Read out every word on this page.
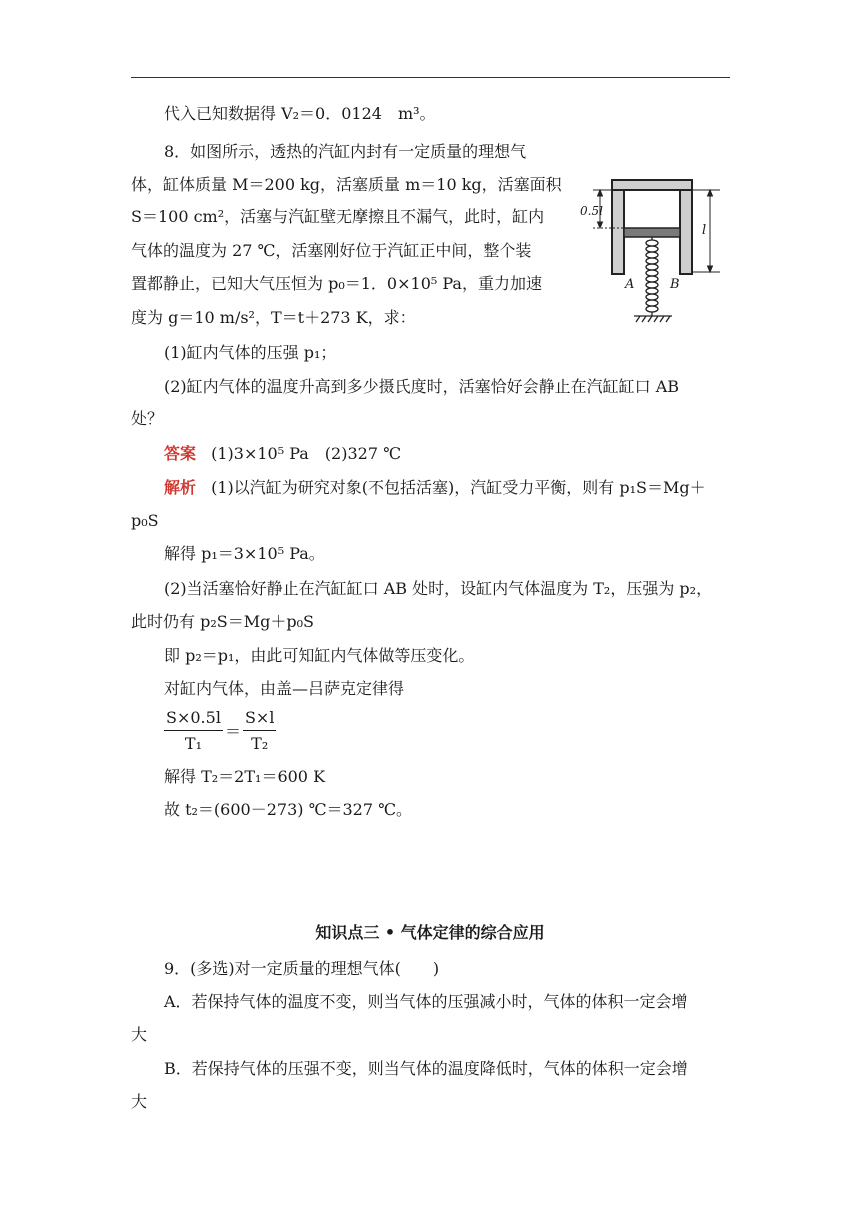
代入已知数据得 V₂＝0．0124　m³。
8．如图所示，透热的汽缸内封有一定质量的理想气
体，缸体质量 M＝200 kg，活塞质量 m＝10 kg，活塞面积
S＝100 cm²，活塞与汽缸壁无摩擦且不漏气，此时，缸内
气体的温度为 27 ℃，活塞刚好位于汽缸正中间，整个装
置都静止，已知大气压恒为 p₀＝1．0×10⁵ Pa，重力加速
度为 g＝10 m/s²，T＝t＋273 K，求：
(1)缸内气体的压强 p₁；
(2)缸内气体的温度升高到多少摄氏度时，活塞恰好会静止在汽缸缸口 AB
处？
0.5l
l
A	B
答案 (1)3×10⁵ Pa　(2)327 ℃
解析 (1)以汽缸为研究对象(不包括活塞)，汽缸受力平衡，则有 p₁S＝Mg＋
p₀S
解得 p₁＝3×10⁵ Pa。
(2)当活塞恰好静止在汽缸缸口 AB 处时，设缸内气体温度为 T₂，压强为 p₂，
此时仍有 p₂S＝Mg＋p₀S
即 p₂＝p₁，由此可知缸内气体做等压变化。
对缸内气体，由盖—吕萨克定律得
$\frac{S\times 0.5l}{\text{T₁}} = \frac{S\times l}{\text{T₂}}$
解得 T₂＝2T₁＝600 K
故 t₂＝(600－273) ℃＝327 ℃。
知识点三 • 气体定律的综合应用
9．(多选)对一定质量的理想气体(　　)
A．若保持气体的温度不变，则当气体的压强减小时，气体的体积一定会增
大
B．若保持气体的压强不变，则当气体的温度降低时，气体的体积一定会增
大
